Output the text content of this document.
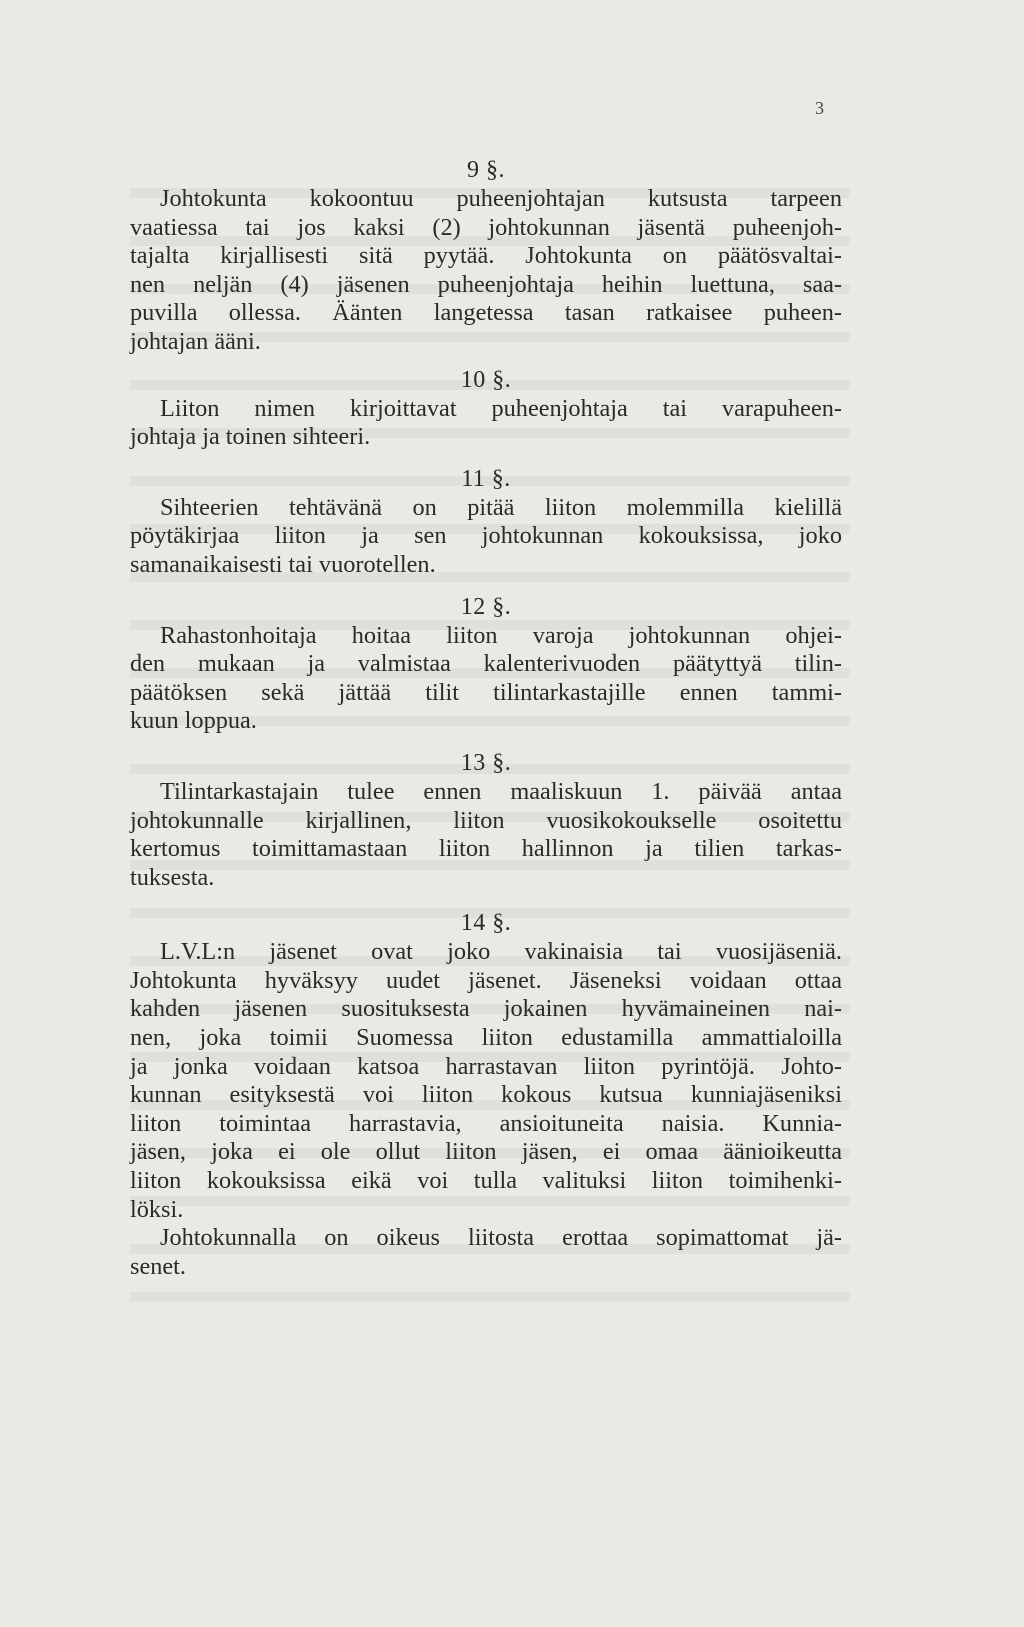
3

9 §.

Johtokunta kokoontuu puheenjohtajan kutsusta tarpeen
vaatiessa tai jos kaksi (2) johtokunnan jäsentä puheenjoh-
tajalta kirjallisesti sitä pyytää. Johtokunta on päätösvaltai-
nen neljän (4) jäsenen puheenjohtaja heihin luettuna, saa-
puvilla ollessa. Äänten langetessa tasan ratkaisee puheen-
johtajan ääni.

10 §.

Liiton nimen kirjoittavat puheenjohtaja tai varapuheen-
johtaja ja toinen sihteeri.

11 §.

Sihteerien tehtävänä on pitää liiton molemmilla kielillä
pöytäkirjaa liiton ja sen johtokunnan kokouksissa, joko
samanaikaisesti tai vuorotellen.

12 §.

Rahastonhoitaja hoitaa liiton varoja johtokunnan ohjei-
den mukaan ja valmistaa kalenterivuoden päätyttyä tilin-
päätöksen sekä jättää tilit tilintarkastajille ennen tammi-
kuun loppua.

13 §.

Tilintarkastajain tulee ennen maaliskuun 1. päivää antaa
johtokunnalle kirjallinen, liiton vuosikokoukselle osoitettu
kertomus toimittamastaan liiton hallinnon ja tilien tarkas-
tuksesta.

14 §.

L.V.L:n jäsenet ovat joko vakinaisia tai vuosijäseniä.
Johtokunta hyväksyy uudet jäsenet. Jäseneksi voidaan ottaa
kahden jäsenen suosituksesta jokainen hyvämaineinen nai-
nen, joka toimii Suomessa liiton edustamilla ammattialoilla
ja jonka voidaan katsoa harrastavan liiton pyrintöjä. Johto-
kunnan esityksestä voi liiton kokous kutsua kunniajäseniksi
liiton toimintaa harrastavia, ansioituneita naisia. Kunnia-
jäsen, joka ei ole ollut liiton jäsen, ei omaa äänioikeutta
liiton kokouksissa eikä voi tulla valituksi liiton toimihenki-
löksi.

Johtokunnalla on oikeus liitosta erottaa sopimattomat jä-
senet.
